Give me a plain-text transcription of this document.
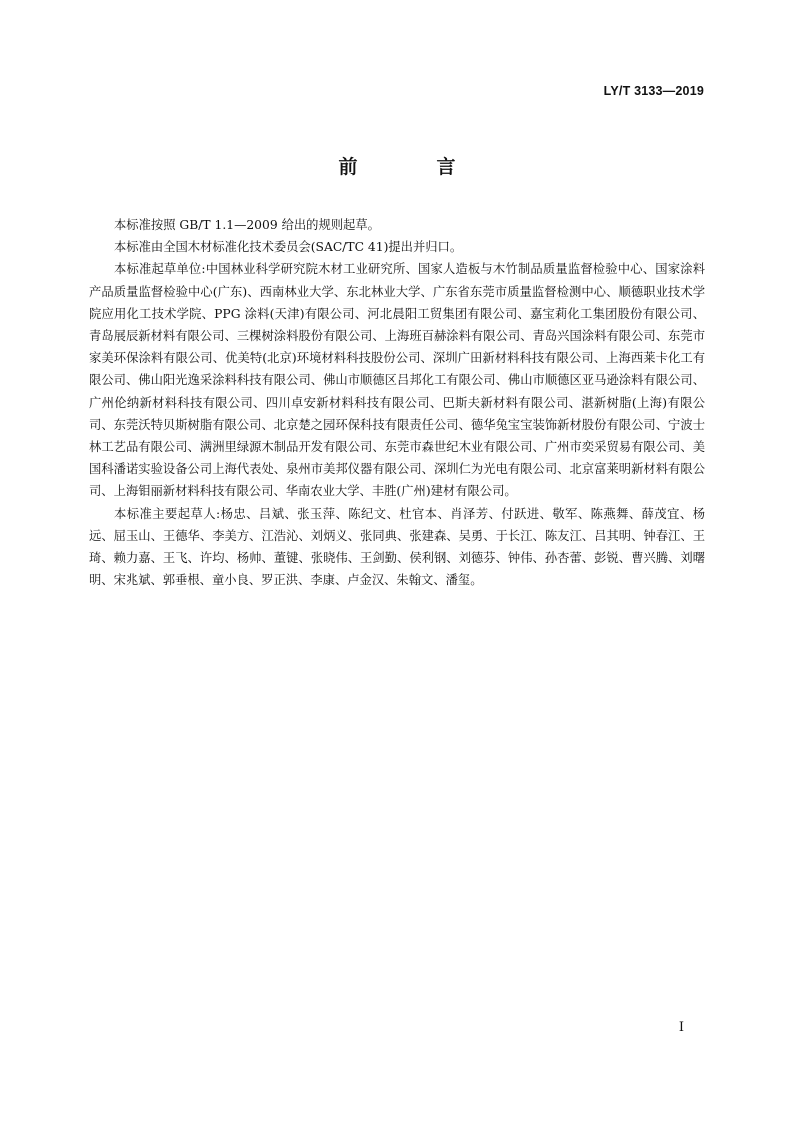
LY/T 3133—2019
前　言

本标准按照 GB/T 1.1—2009 给出的规则起草。

本标准由全国木材标准化技术委员会(SAC/TC 41)提出并归口。

本标准起草单位:中国林业科学研究院木材工业研究所、国家人造板与木竹制品质量监督检验中心、国家涂料产品质量监督检验中心(广东)、西南林业大学、东北林业大学、广东省东莞市质量监督检测中心、顺德职业技术学院应用化工技术学院、PPG 涂料(天津)有限公司、河北晨阳工贸集团有限公司、嘉宝莉化工集团股份有限公司、青岛展辰新材料有限公司、三棵树涂料股份有限公司、上海班百赫涂料有限公司、青岛兴国涂料有限公司、东莞市家美环保涂料有限公司、优美特(北京)环境材料科技股份公司、深圳广田新材料科技有限公司、上海西莱卡化工有限公司、佛山阳光逸采涂料科技有限公司、佛山市顺德区吕邦化工有限公司、佛山市顺德区亚马逊涂料有限公司、广州伦纳新材料科技有限公司、四川卓安新材料科技有限公司、巴斯夫新材料有限公司、湛新树脂(上海)有限公司、东莞沃特贝斯树脂有限公司、北京楚之园环保科技有限责任公司、德华兔宝宝装饰新材股份有限公司、宁波士林工艺品有限公司、满洲里绿源木制品开发有限公司、东莞市森世纪木业有限公司、广州市奕采贸易有限公司、美国科潘诺实验设备公司上海代表处、泉州市美邦仪器有限公司、深圳仁为光电有限公司、北京富莱明新材料有限公司、上海钼丽新材料科技有限公司、华南农业大学、丰胜(广州)建材有限公司。

本标准主要起草人:杨忠、吕斌、张玉萍、陈纪文、杜官本、肖泽芳、付跃进、敬军、陈燕舞、薛茂宜、杨远、屈玉山、王德华、李美方、江浩沁、刘炳义、张同典、张建森、吴勇、于长江、陈友江、吕其明、钟春江、王琦、赖力嘉、王飞、许均、杨帅、董键、张晓伟、王剑勤、侯利钢、刘德芬、钟伟、孙杏蕾、彭锐、曹兴腾、刘曙明、宋兆斌、郭垂根、童小良、罗正洪、李康、卢金汉、朱翰文、潘玺。

I
